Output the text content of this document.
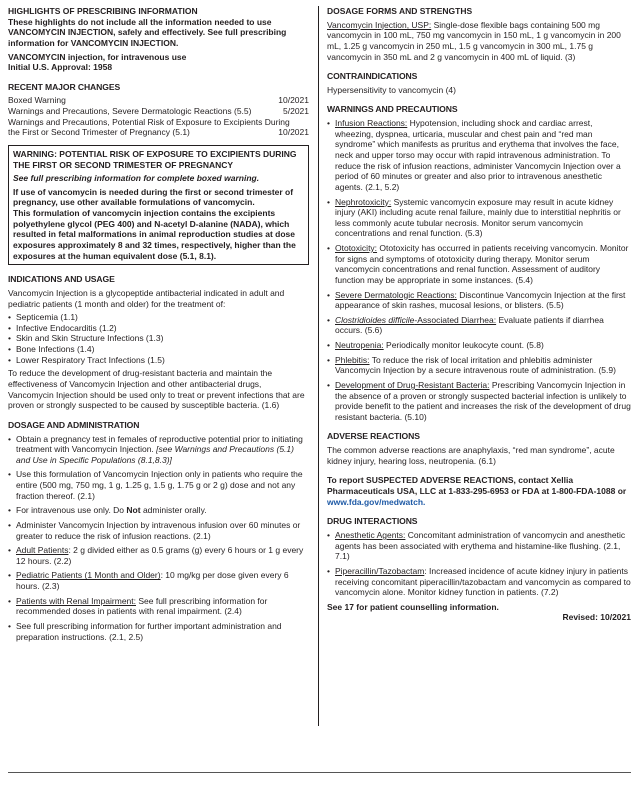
HIGHLIGHTS OF PRESCRIBING INFORMATION

These highlights do not include all the information needed to use VANCOMYCIN INJECTION, safely and effectively. See full prescribing information for VANCOMYCIN INJECTION.

VANCOMYCIN injection, for intravenous use

Initial U.S. Approval: 1958

RECENT MAJOR CHANGES

Boxed Warning	10/2021
Warnings and Precautions, Severe Dermatologic Reactions (5.5)	5/2021
Warnings and Precautions, Potential Risk of Exposure to Excipients During
the First or Second Trimester of Pregnancy (5.1)	10/2021

WARNING: POTENTIAL RISK OF EXPOSURE TO EXCIPIENTS DURING THE FIRST OR SECOND TRIMESTER OF PREGNANCY

See full prescribing information for complete boxed warning.

If use of vancomycin is needed during the first or second trimester of pregnancy, use other available formulations of vancomycin.

This formulation of vancomycin injection contains the excipients polyethylene glycol (PEG 400) and N-acetyl D-alanine (NADA), which resulted in fetal malformations in animal reproduction studies at dose exposures approximately 8 and 32 times, respectively, higher than the exposures at the human equivalent dose (5.1, 8.1).

INDICATIONS AND USAGE

Vancomycin Injection is a glycopeptide antibacterial indicated in adult and pediatric patients (1 month and older) for the treatment of:

• Septicemia (1.1)
• Infective Endocarditis (1.2)
• Skin and Skin Structure Infections (1.3)
• Bone Infections (1.4)
• Lower Respiratory Tract Infections (1.5)

To reduce the development of drug-resistant bacteria and maintain the effectiveness of Vancomycin Injection and other antibacterial drugs, Vancomycin Injection should be used only to treat or prevent infections that are proven or strongly suspected to be caused by susceptible bacteria. (1.6)

DOSAGE AND ADMINISTRATION

• Obtain a pregnancy test in females of reproductive potential prior to initiating treatment with Vancomycin Injection. [see Warnings and Precautions (5.1) and Use in Specific Populations (8.1,8.3)]
• Use this formulation of Vancomycin Injection only in patients who require the entire (500 mg, 750 mg, 1 g, 1.25 g, 1.5 g, 1.75 g or 2 g) dose and not any fraction thereof. (2.1)
• For intravenous use only. Do Not administer orally.
• Administer Vancomycin Injection by intravenous infusion over 60 minutes or greater to reduce the risk of infusion reactions. (2.1)
• Adult Patients: 2 g divided either as 0.5 grams (g) every 6 hours or 1 g every 12 hours. (2.2)
• Pediatric Patients (1 Month and Older): 10 mg/kg per dose given every 6 hours. (2.3)
• Patients with Renal Impairment: See full prescribing information for recommended doses in patients with renal impairment. (2.4)
• See full prescribing information for further important administration and preparation instructions. (2.1, 2.5)

DOSAGE FORMS AND STRENGTHS

Vancomycin Injection, USP: Single-dose flexible bags containing 500 mg vancomycin in 100 mL, 750 mg vancomycin in 150 mL, 1 g vancomycin in 200 mL, 1.25 g vancomycin in 250 mL, 1.5 g vancomycin in 300 mL, 1.75 g vancomycin in 350 mL and 2 g vancomycin in 400 mL of liquid. (3)

CONTRAINDICATIONS

Hypersensitivity to vancomycin (4)

WARNINGS AND PRECAUTIONS

• Infusion Reactions: Hypotension, including shock and cardiac arrest, wheezing, dyspnea, urticaria, muscular and chest pain and “red man syndrome” which manifests as pruritus and erythema that involves the face, neck and upper torso may occur with rapid intravenous administration. To reduce the risk of infusion reactions, administer Vancomycin Injection over a period of 60 minutes or greater and also prior to intravenous anesthetic agents. (2.1, 5.2)
• Nephrotoxicity: Systemic vancomycin exposure may result in acute kidney injury (AKI) including acute renal failure, mainly due to interstitial nephritis or less commonly acute tubular necrosis. Monitor serum vancomycin concentrations and renal function. (5.3)
• Ototoxicity: Ototoxicity has occurred in patients receiving vancomycin. Monitor for signs and symptoms of ototoxicity during therapy. Monitor serum vancomycin concentrations and renal function. Assessment of auditory function may be appropriate in some instances. (5.4)
• Severe Dermatologic Reactions: Discontinue Vancomycin Injection at the first appearance of skin rashes, mucosal lesions, or blisters. (5.5)
• Clostridioides difficile-Associated Diarrhea: Evaluate patients if diarrhea occurs. (5.6)
• Neutropenia: Periodically monitor leukocyte count. (5.8)
• Phlebitis: To reduce the risk of local irritation and phlebitis administer Vancomycin Injection by a secure intravenous route of administration. (5.9)
• Development of Drug-Resistant Bacteria: Prescribing Vancomycin Injection in the absence of a proven or strongly suspected bacterial infection is unlikely to provide benefit to the patient and increases the risk of the development of drug resistant bacteria. (5.10)

ADVERSE REACTIONS

The common adverse reactions are anaphylaxis, “red man syndrome”, acute kidney injury, hearing loss, neutropenia. (6.1)

To report SUSPECTED ADVERSE REACTIONS, contact Xellia Pharmaceuticals USA, LLC at 1-833-295-6953 or FDA at 1-800-FDA-1088 or www.fda.gov/medwatch.

DRUG INTERACTIONS

• Anesthetic Agents: Concomitant administration of vancomycin and anesthetic agents has been associated with erythema and histamine-like flushing. (2.1, 7.1)
• Piperacillin/Tazobactam: Increased incidence of acute kidney injury in patients receiving concomitant piperacillin/tazobactam and vancomycin as compared to vancomycin alone. Monitor kidney function in patients. (7.2)

See 17 for patient counselling information.

Revised: 10/2021
